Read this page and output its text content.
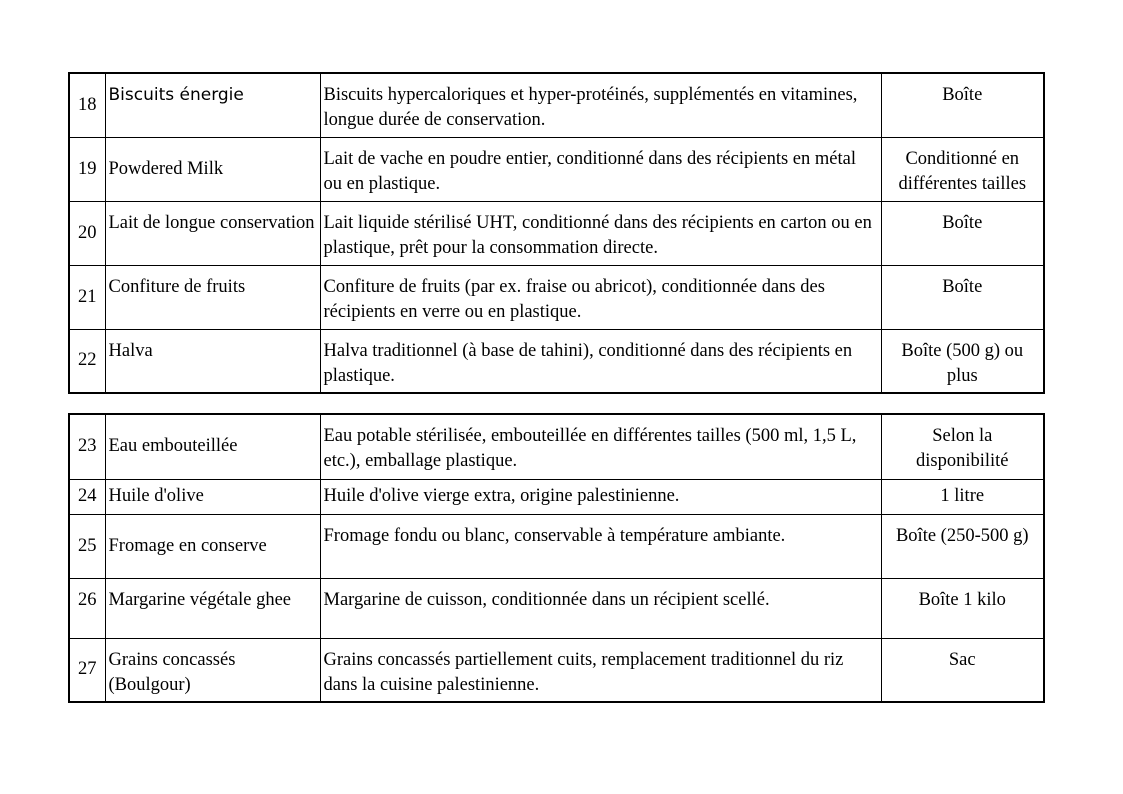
18	Biscuits énergie	Biscuits hypercaloriques et hyper-protéinés, supplémentés en vitamines, longue durée de conservation.	Boîte
19	Powdered Milk	Lait de vache en poudre entier, conditionné dans des récipients en métal ou en plastique.	Conditionné en différentes tailles
20	Lait de longue conservation	Lait liquide stérilisé UHT, conditionné dans des récipients en carton ou en plastique, prêt pour la consommation directe.	Boîte
21	Confiture de fruits	Confiture de fruits (par ex. fraise ou abricot), conditionnée dans des récipients en verre ou en plastique.	Boîte
22	Halva	Halva traditionnel (à base de tahini), conditionné dans des récipients en plastique.	Boîte (500 g) ou plus
23	Eau embouteillée	Eau potable stérilisée, embouteillée en différentes tailles (500 ml, 1,5 L, etc.), emballage plastique.	Selon la disponibilité
24	Huile d'olive	Huile d'olive vierge extra, origine palestinienne.	1 litre
25	Fromage en conserve	Fromage fondu ou blanc, conservable à température ambiante.	Boîte (250-500 g)
26	Margarine végétale ghee	Margarine de cuisson, conditionnée dans un récipient scellé.	Boîte 1 kilo
27	Grains concassés (Boulgour)	Grains concassés partiellement cuits, remplacement traditionnel du riz dans la cuisine palestinienne.	Sac
